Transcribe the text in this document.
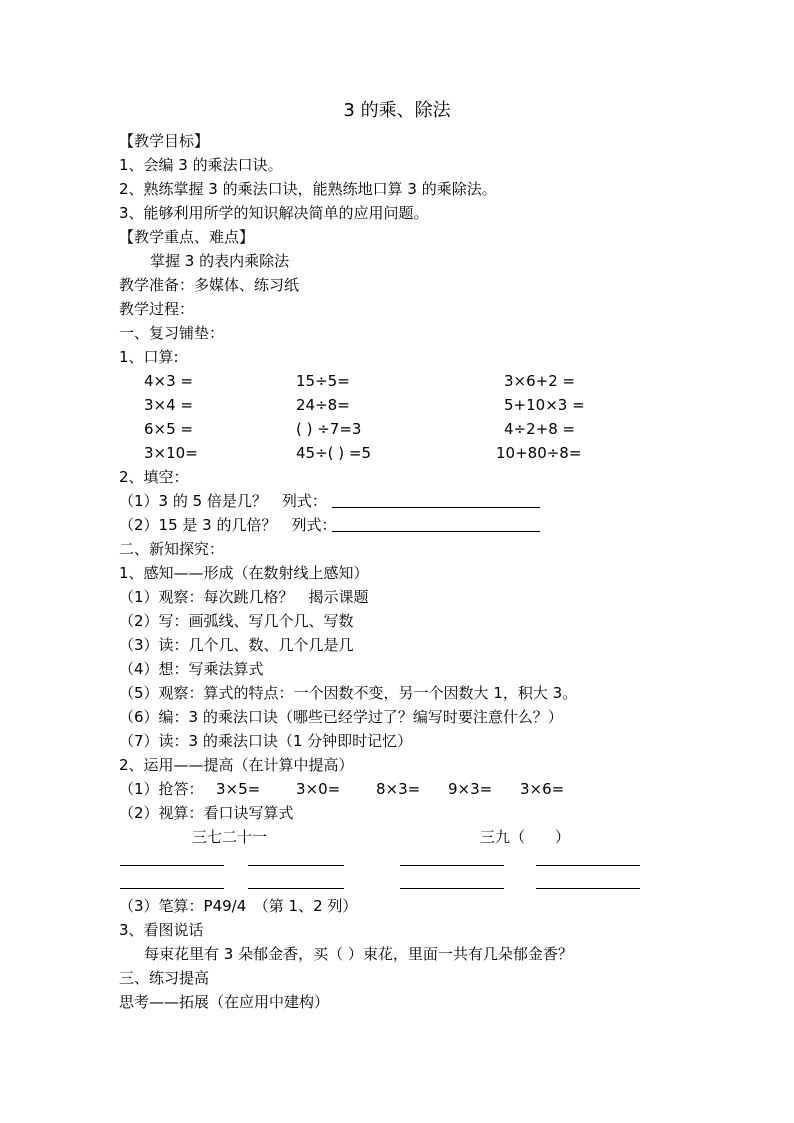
3 的乘、除法
【教学目标】
1、会编 3 的乘法口诀。
2、熟练掌握 3 的乘法口诀，能熟练地口算 3 的乘除法。
3、能够利用所学的知识解决简单的应用问题。
【教学重点、难点】
掌握 3 的表内乘除法
教学准备：多媒体、练习纸
教学过程：
一、复习铺垫：
1、口算:
4×3 =	15÷5=	3×6+2 =
3×4 =	24÷8=	5+10×3 =
6×5 =	( ) ÷7=3	4÷2+8 =
3×10=	45÷( ) =5	10+80÷8=
2、填空：
（1）3 的 5 倍是几？　列式：
（2）15 是 3 的几倍？　列式：
二、新知探究：
1、感知——形成（在数射线上感知）
（1）观察：每次跳几格？　揭示课题
（2）写：画弧线、写几个几、写数
（3）读：几个几、数、几个几是几
（4）想：写乘法算式
（5）观察：算式的特点：一个因数不变，另一个因数大 1，积大 3。
（6）编：3 的乘法口诀（哪些已经学过了？编写时要注意什么？）
（7）读：3 的乘法口诀（1 分钟即时记忆）
2、运用——提高（在计算中提高）
（1）抢答： 3×5= 3×0= 8×3= 9×3= 3×6=
（2）视算：看口诀写算式
三七二十一	三九（　　）
（3）笔算：P49/4　（第 1、2 列）
3、看图说话
每束花里有 3 朵郁金香，买（ ）束花，里面一共有几朵郁金香？
三、练习提高
思考——拓展（在应用中建构）
